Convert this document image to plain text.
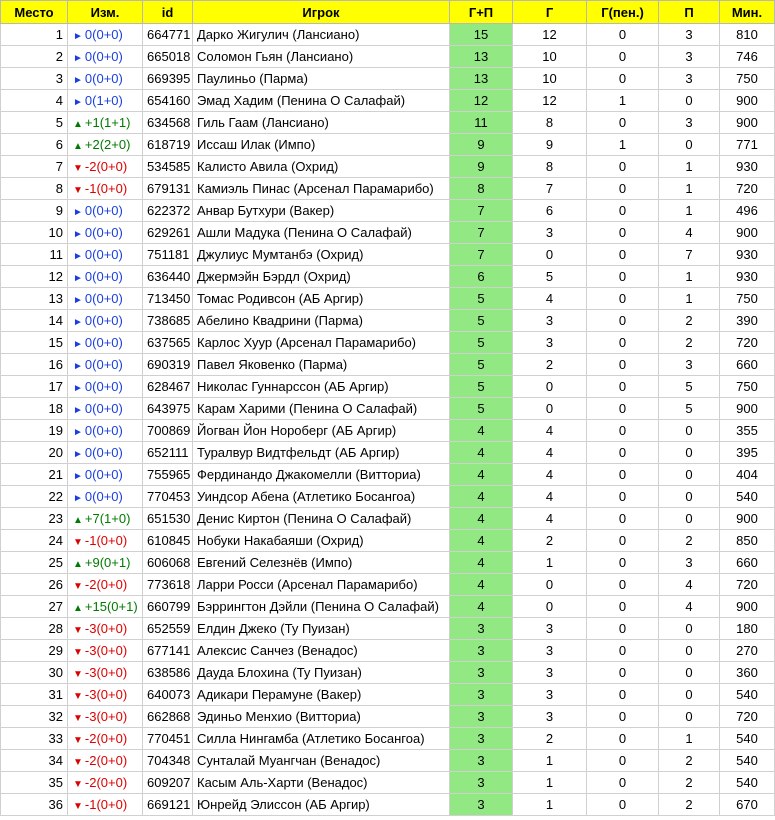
Место	Изм.	id	Игрок	Г+П	Г	Г(пен.)	П	Мин.
1	► 0(0+0)	664771	Дарко Жигулич (Лансиано)	15	12	0	3	810
2	► 0(0+0)	665018	Соломон Гьян (Лансиано)	13	10	0	3	746
3	► 0(0+0)	669395	Паулиньо (Парма)	13	10	0	3	750
4	► 0(1+0)	654160	Эмад Хадим (Пенина О Салафай)	12	12	1	0	900
5	▲ +1(1+1)	634568	Гиль Гаам (Лансиано)	11	8	0	3	900
6	▲ +2(2+0)	618719	Иссаш Илак (Импо)	9	9	1	0	771
7	▼ -2(0+0)	534585	Калисто Авила (Охрид)	9	8	0	1	930
8	▼ -1(0+0)	679131	Камиэль Пинас (Арсенал Парамарибо)	8	7	0	1	720
9	► 0(0+0)	622372	Анвар Бутхури (Вакер)	7	6	0	1	496
10	► 0(0+0)	629261	Ашли Мадука (Пенина О Салафай)	7	3	0	4	900
11	► 0(0+0)	751181	Джулиус Мумтанбэ (Охрид)	7	0	0	7	930
12	► 0(0+0)	636440	Джермэйн Бэрдл (Охрид)	6	5	0	1	930
13	► 0(0+0)	713450	Томас Родивсон (АБ Аргир)	5	4	0	1	750
14	► 0(0+0)	738685	Абелино Квадрини (Парма)	5	3	0	2	390
15	► 0(0+0)	637565	Карлос Хуур (Арсенал Парамарибо)	5	3	0	2	720
16	► 0(0+0)	690319	Павел Яковенко (Парма)	5	2	0	3	660
17	► 0(0+0)	628467	Николас Гуннарссон (АБ Аргир)	5	0	0	5	750
18	► 0(0+0)	643975	Карам Харими (Пенина О Салафай)	5	0	0	5	900
19	► 0(0+0)	700869	Йогван Йон Нороберг (АБ Аргир)	4	4	0	0	355
20	► 0(0+0)	652111	Туралвур Видтфельдт (АБ Аргир)	4	4	0	0	395
21	► 0(0+0)	755965	Фердинандо Джакомелли (Витториа)	4	4	0	0	404
22	► 0(0+0)	770453	Уиндсор Абена (Атлетико Босангоа)	4	4	0	0	540
23	▲ +7(1+0)	651530	Денис Киртон (Пенина О Салафай)	4	4	0	0	900
24	▼ -1(0+0)	610845	Нобуки Накабаяши (Охрид)	4	2	0	2	850
25	▲ +9(0+1)	606068	Евгений Селезнёв (Импо)	4	1	0	3	660
26	▼ -2(0+0)	773618	Ларри Росси (Арсенал Парамарибо)	4	0	0	4	720
27	▲ +15(0+1)	660799	Бэррингтон Дэйли (Пенина О Салафай)	4	0	0	4	900
28	▼ -3(0+0)	652559	Елдин Джеко (Ту Пуизан)	3	3	0	0	180
29	▼ -3(0+0)	677141	Алексис Санчез (Венадос)	3	3	0	0	270
30	▼ -3(0+0)	638586	Дауда Блохина (Ту Пуизан)	3	3	0	0	360
31	▼ -3(0+0)	640073	Адикари Перамуне (Вакер)	3	3	0	0	540
32	▼ -3(0+0)	662868	Эдиньо Менхио (Витториа)	3	3	0	0	720
33	▼ -2(0+0)	770451	Силла Нингамба (Атлетико Босангоа)	3	2	0	1	540
34	▼ -2(0+0)	704348	Сунталай Муангчан (Венадос)	3	1	0	2	540
35	▼ -2(0+0)	609207	Касым Аль-Харти (Венадос)	3	1	0	2	540
36	▼ -1(0+0)	669121	Юнрейд Элиссон (АБ Аргир)	3	1	0	2	670
